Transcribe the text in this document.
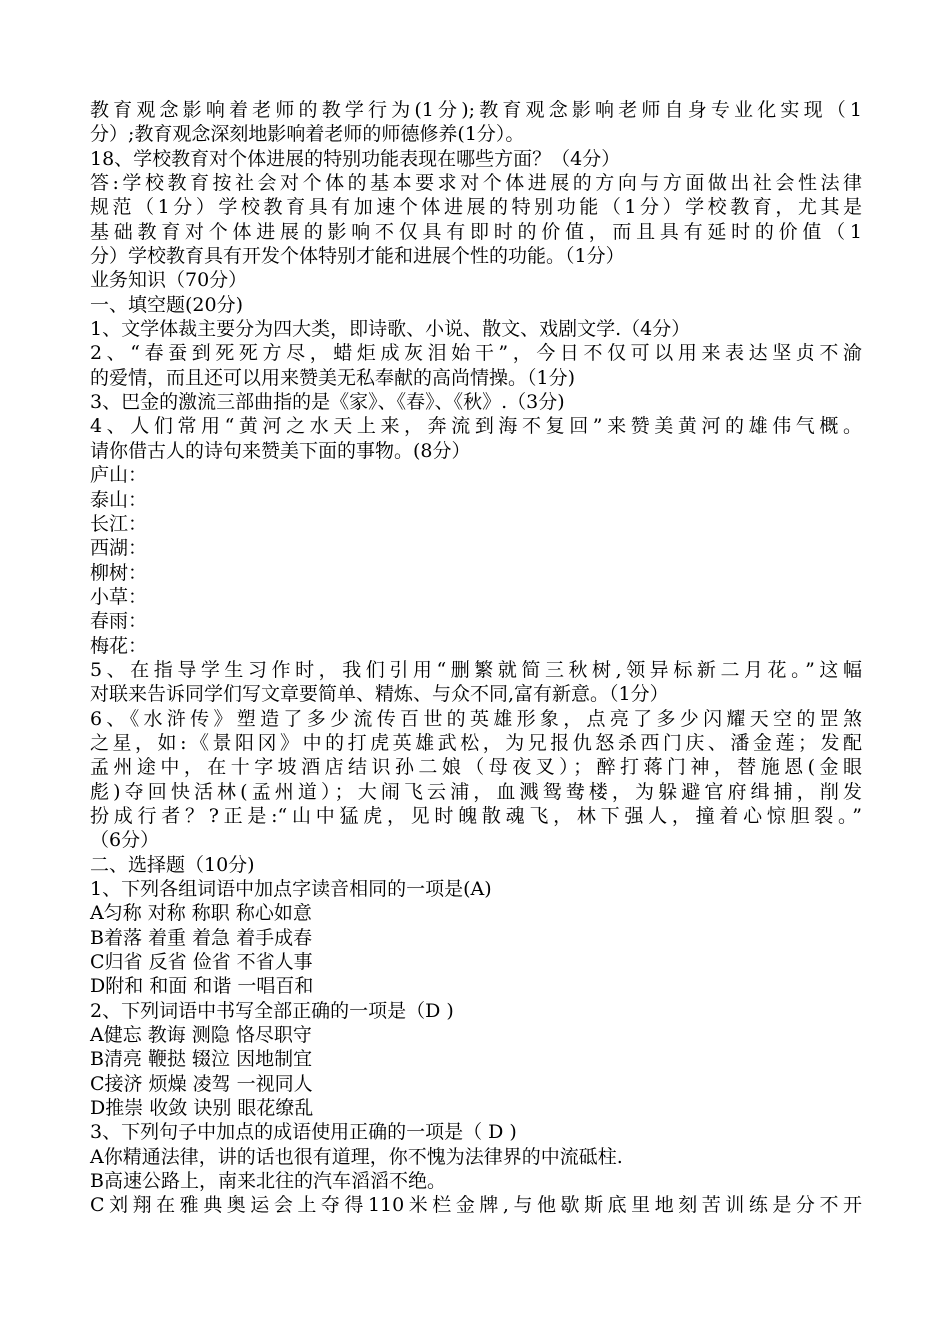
教育观念影响着老师的教学行为(1分);教育观念影响老师自身专业化实现（1
分）;教育观念深刻地影响着老师的师德修养(1分）。
18、学校教育对个体进展的特别功能表现在哪些方面？（4分）
答:学校教育按社会对个体的基本要求对个体进展的方向与方面做出社会性法律
规范（1分）学校教育具有加速个体进展的特别功能（1分）学校教育，尤其是
基础教育对个体进展的影响不仅具有即时的价值，而且具有延时的价值（1
分）学校教育具有开发个体特别才能和进展个性的功能。（1分）
业务知识（70分）
一、填空题(20分)
1、文学体裁主要分为四大类，即诗歌、小说、散文、戏剧文学.（4分）
2、“春蚕到死死方尽，蜡炬成灰泪始干”，今日不仅可以用来表达坚贞不渝
的爱情，而且还可以用来赞美无私奉献的高尚情操。（1分)
3、巴金的激流三部曲指的是《家》、《春》、《秋》.（3分)
4、人们常用“黄河之水天上来，奔流到海不复回”来赞美黄河的雄伟气概。
请你借古人的诗句来赞美下面的事物。(8分）
庐山：
泰山：
长江：
西湖：
柳树：
小草：
春雨：
梅花：
5、在指导学生习作时，我们引用“删繁就简三秋树,领异标新二月花。”这幅
对联来告诉同学们写文章要简单、精炼、与众不同,富有新意。（1分）
6、《水浒传》塑造了多少流传百世的英雄形象，点亮了多少闪耀天空的罡煞
之星，如:《景阳冈》中的打虎英雄武松，为兄报仇怒杀西门庆、潘金莲；发配
孟州途中，在十字坡酒店结识孙二娘（母夜叉）；醉打蒋门神，替施恩(金眼
彪)夺回快活林(孟州道）；大闹飞云浦，血溅鸳鸯楼，为躲避官府缉捕，削发
扮成行者？?正是:“山中猛虎，见时魄散魂飞，林下强人，撞着心惊胆裂。”
（6分）
二、选择题（10分)
1、下列各组词语中加点字读音相同的一项是(A)
A匀称 对称 称职 称心如意
B着落 着重 着急 着手成春
C归省 反省 俭省 不省人事
D附和 和面 和谐 一唱百和
2、下列词语中书写全部正确的一项是（D )
A健忘 教诲 测隐 恪尽职守
B清亮 鞭挞 辍泣 因地制宜
C接济 烦燥 凌驾 一视同人
D推崇 收敛 诀别 眼花缭乱
3、下列句子中加点的成语使用正确的一项是（ D )
A你精通法律，讲的话也很有道理，你不愧为法律界的中流砥柱.
B高速公路上，南来北往的汽车滔滔不绝。
C刘翔在雅典奥运会上夺得110米栏金牌,与他歇斯底里地刻苦训练是分不开
